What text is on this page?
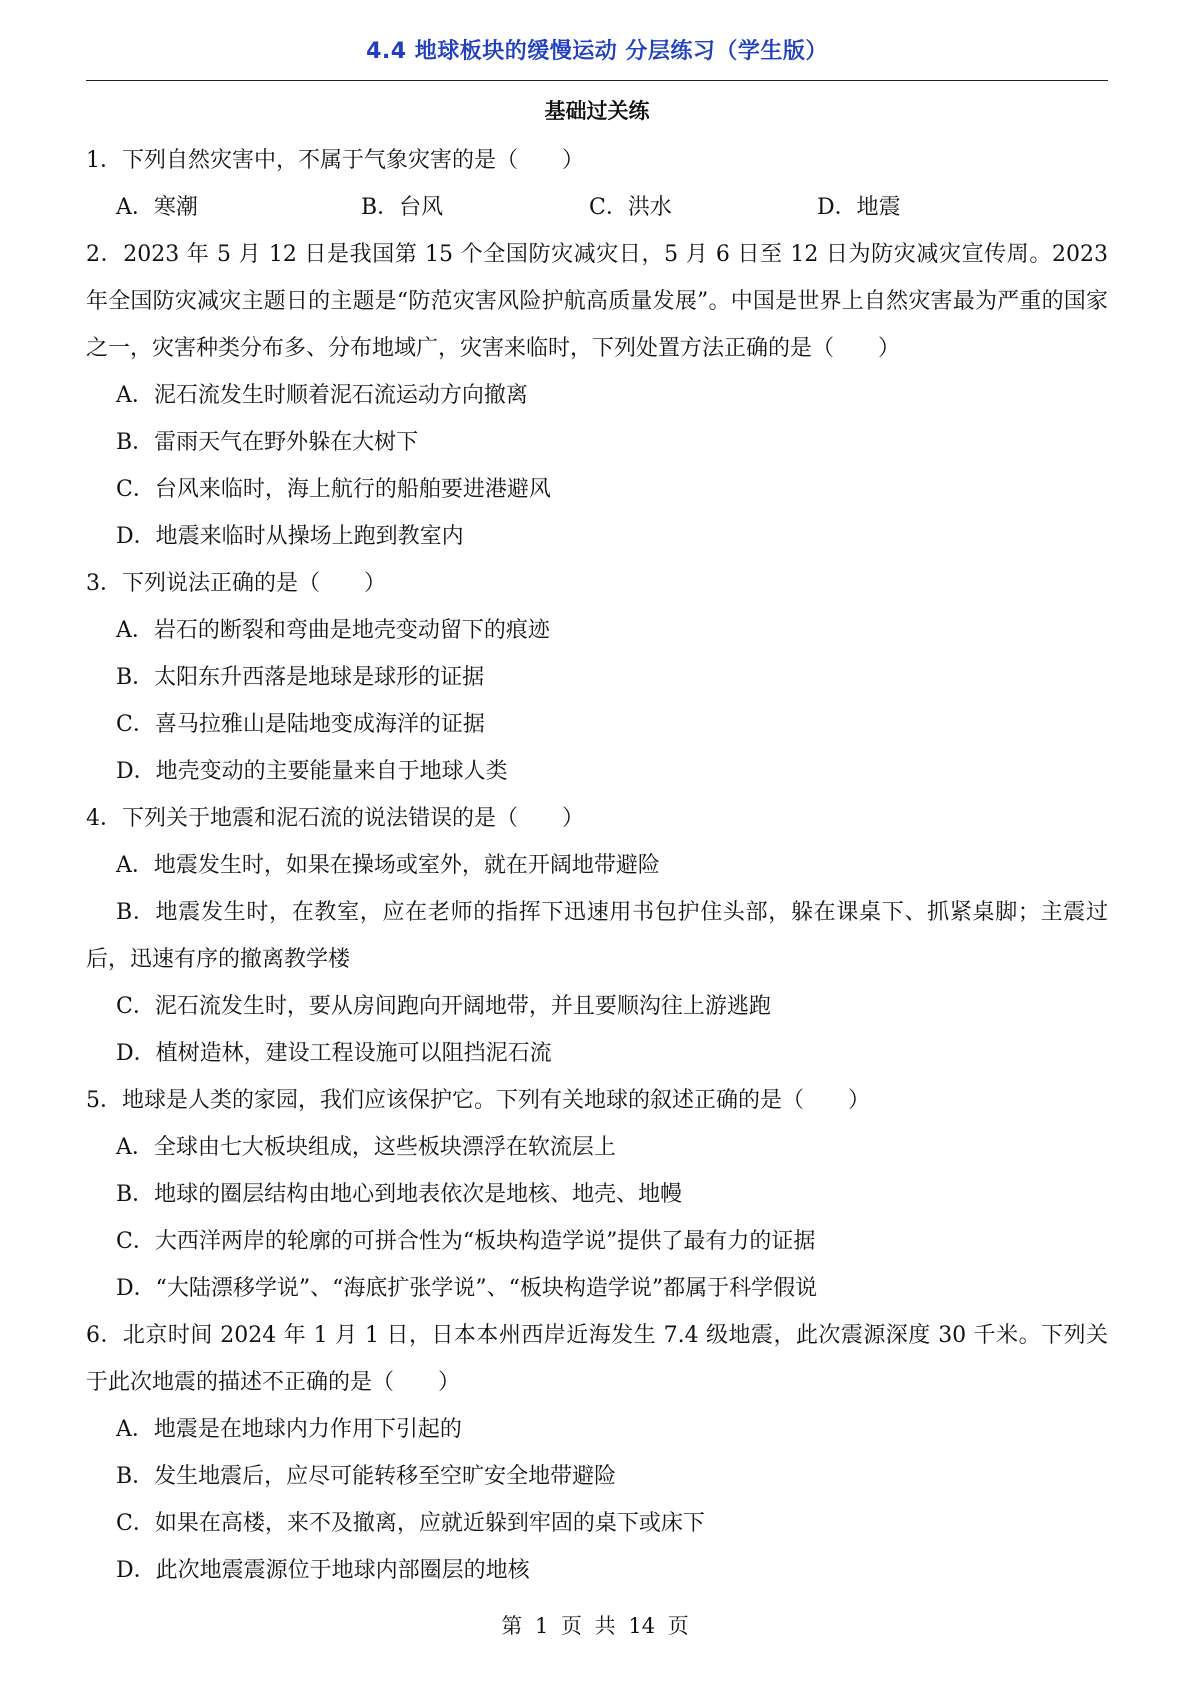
4.4 地球板块的缓慢运动 分层练习（学生版）
基础过关练

1．下列自然灾害中，不属于气象灾害的是（　　）

A．寒潮	B．台风	C．洪水	D．地震

2．2023 年 5 月 12 日是我国第 15 个全国防灾减灾日，5 月 6 日至 12 日为防灾减灾宣传周。2023 年全国防灾减灾主题日的主题是“防范灾害风险护航高质量发展”。中国是世界上自然灾害最为严重的国家之一，灾害种类分布多、分布地域广，灾害来临时，下列处置方法正确的是（　　）

A．泥石流发生时顺着泥石流运动方向撤离

B．雷雨天气在野外躲在大树下

C．台风来临时，海上航行的船舶要进港避风

D．地震来临时从操场上跑到教室内

3．下列说法正确的是（　　）

A．岩石的断裂和弯曲是地壳变动留下的痕迹

B．太阳东升西落是地球是球形的证据

C．喜马拉雅山是陆地变成海洋的证据

D．地壳变动的主要能量来自于地球人类

4．下列关于地震和泥石流的说法错误的是（　　）

A．地震发生时，如果在操场或室外，就在开阔地带避险

B．地震发生时，在教室，应在老师的指挥下迅速用书包护住头部，躲在课桌下、抓紧桌脚；主震过后，迅速有序的撤离教学楼

C．泥石流发生时，要从房间跑向开阔地带，并且要顺沟往上游逃跑

D．植树造林，建设工程设施可以阻挡泥石流

5．地球是人类的家园，我们应该保护它。下列有关地球的叙述正确的是（　　）

A．全球由七大板块组成，这些板块漂浮在软流层上

B．地球的圈层结构由地心到地表依次是地核、地壳、地幔

C．大西洋两岸的轮廓的可拼合性为“板块构造学说”提供了最有力的证据

D．“大陆漂移学说”、“海底扩张学说”、“板块构造学说”都属于科学假说

6．北京时间 2024 年 1 月 1 日，日本本州西岸近海发生 7.4 级地震，此次震源深度 30 千米。下列关于此次地震的描述不正确的是（　　）

A．地震是在地球内力作用下引起的

B．发生地震后，应尽可能转移至空旷安全地带避险

C．如果在高楼，来不及撤离，应就近躲到牢固的桌下或床下

D．此次地震震源位于地球内部圈层的地核

第 1 页 共 14 页
